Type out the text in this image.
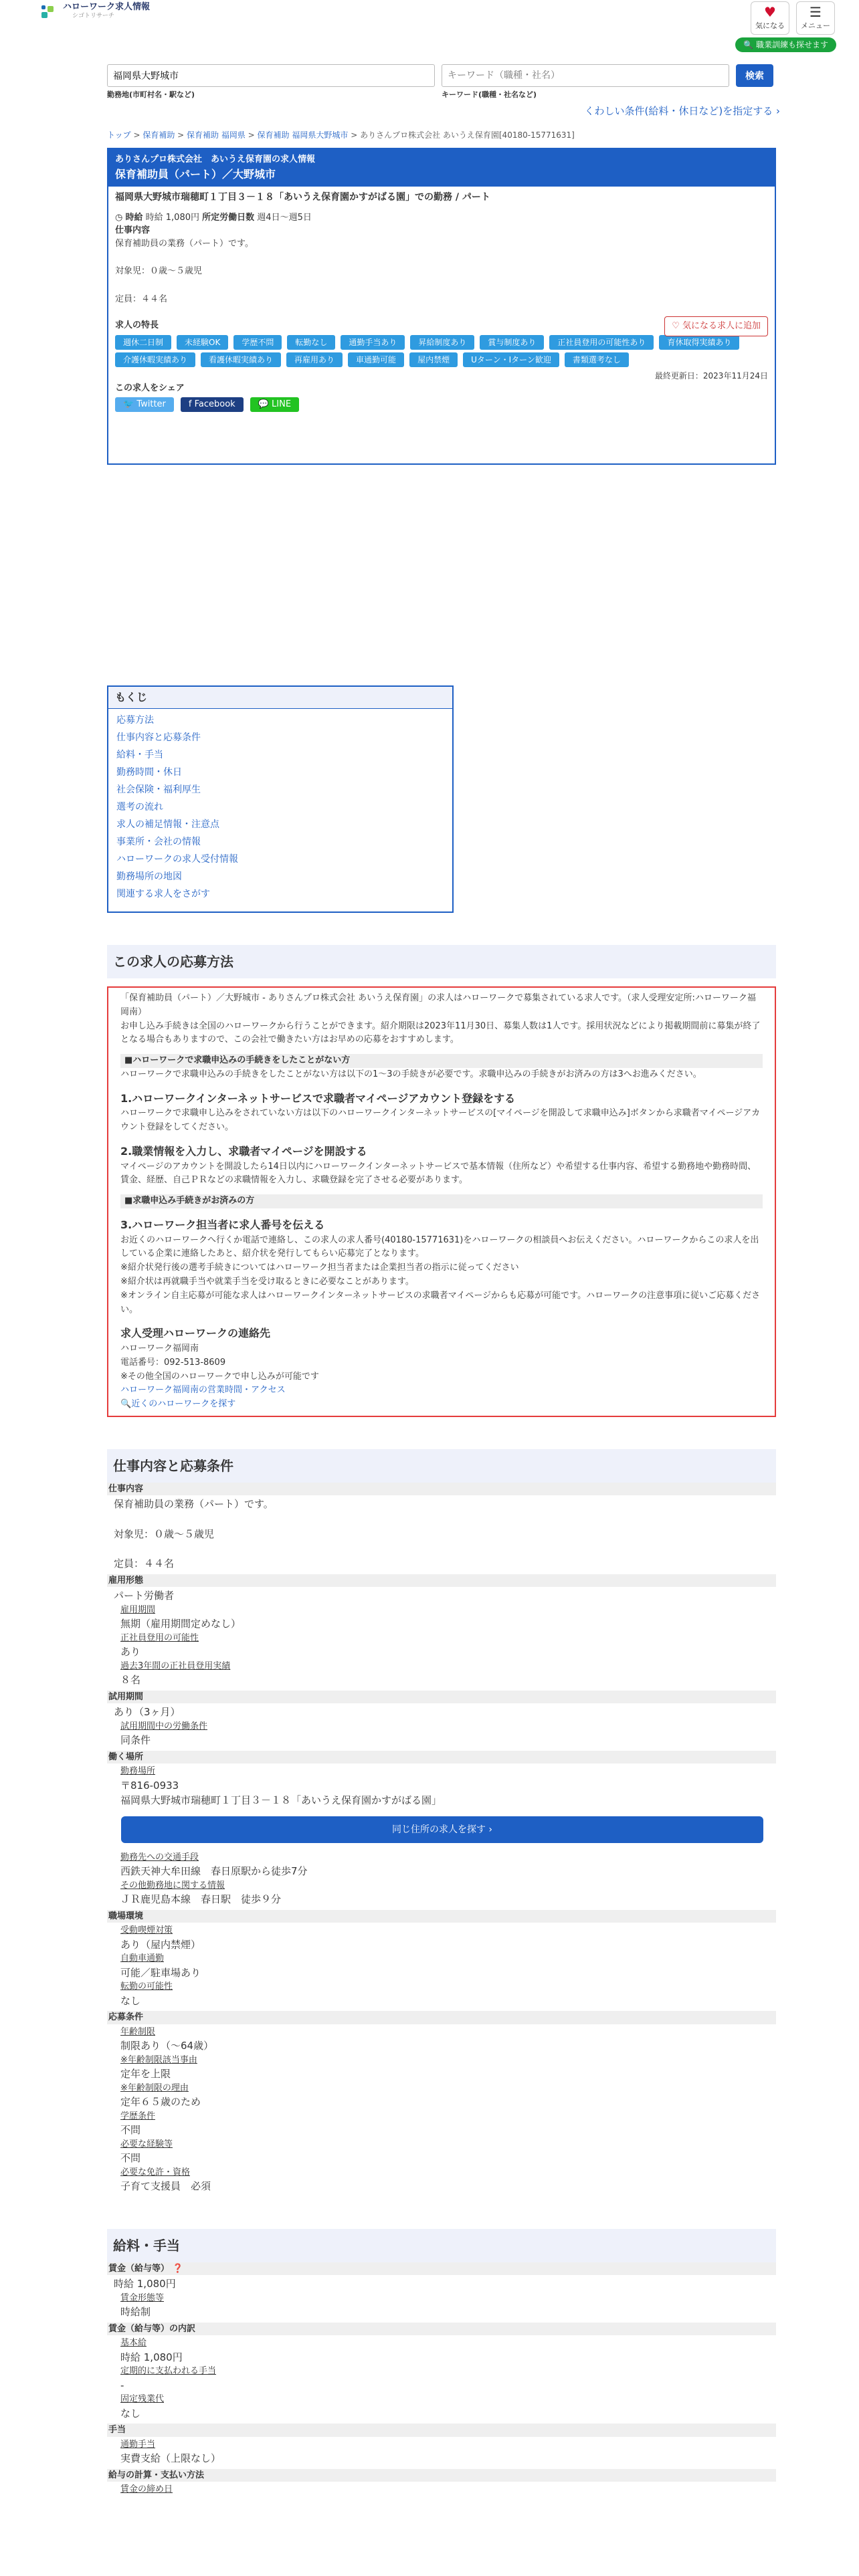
ハローワーク求人情報
シゴトリサーチ	♥
気になる
☰
メニュー
🔍 職業訓練も探せます
福岡県大野城市
キーワード（職種・社名）
検索
勤務地(市町村名・駅など)	キーワード(職種・社名など)
くわしい条件(給料・休日など)を指定する ›
トップ > 保育補助 > 保育補助 福岡県 > 保育補助 福岡県大野城市 > ありさんプロ株式会社 あいうえ保育園[40180-15771631]
ありさんプロ株式会社　あいうえ保育園の求人情報
保育補助員（パート）／大野城市
福岡県大野城市瑞穂町１丁目３－１８「あいうえ保育園かすがばる園」での勤務 / パート
◷ 時給 時給 1,080円 所定労働日数 週4日〜週5日
仕事内容
保育補助員の業務（パート）です。
対象児：０歳〜５歳児
定員：４４名
求人の特長
週休二日制	未経験OK	学歴不問	転勤なし	通勤手当あり	昇給制度あり	賞与制度あり	正社員登用の可能性あり	育休取得実績あり
介護休暇実績あり	看護休暇実績あり	再雇用あり	車通勤可能	屋内禁煙	Uターン・Iターン歓迎	書類選考なし
最終更新日：2023年11月24日
この求人をシェア
🐦 Twitter	f Facebook	💬 LINE
♡ 気になる求人に追加
もくじ
応募方法
仕事内容と応募条件
給料・手当
勤務時間・休日
社会保険・福利厚生
選考の流れ
求人の補足情報・注意点
事業所・会社の情報
ハローワークの求人受付情報
勤務場所の地図
関連する求人をさがす
この求人の応募方法
「保育補助員（パート）／大野城市 - ありさんプロ株式会社 あいうえ保育園」の求人はハローワークで募集されている求人です。（求人受理安定所:ハローワーク福岡南）
お申し込み手続きは全国のハローワークから行うことができます。紹介期限は2023年11月30日、募集人数は1人です。採用状況などにより掲載期間前に募集が終了となる場合もありますので、この会社で働きたい方はお早めの応募をおすすめします。
■ハローワークで求職申込みの手続きをしたことがない方
ハローワークで求職申込みの手続きをしたことがない方は以下の1〜3の手続きが必要です。求職申込みの手続きがお済みの方は3へお進みください。
1.ハローワークインターネットサービスで求職者マイページアカウント登録をする
ハローワークで求職申し込みをされていない方は以下のハローワークインターネットサービスの[マイページを開設して求職申込み]ボタンから求職者マイページアカウント登録をしてください。
2.職業情報を入力し、求職者マイページを開設する
マイページのアカウントを開設したら14日以内にハローワークインターネットサービスで基本情報（住所など）や希望する仕事内容、希望する勤務地や勤務時間、賃金、経歴、自己ＰＲなどの求職情報を入力し、求職登録を完了させる必要があります。
■求職申込み手続きがお済みの方
3.ハローワーク担当者に求人番号を伝える
お近くのハローワークへ行くか電話で連絡し、この求人の求人番号(40180-15771631)をハローワークの相談員へお伝えください。ハローワークからこの求人を出している企業に連絡したあと、紹介状を発行してもらい応募完了となります。
※紹介状発行後の選考手続きについてはハローワーク担当者または企業担当者の指示に従ってください
※紹介状は再就職手当や就業手当を受け取るときに必要なことがあります。
※オンライン自主応募が可能な求人はハローワークインターネットサービスの求職者マイページからも応募が可能です。ハローワークの注意事項に従いご応募ください。
求人受理ハローワークの連絡先
ハローワーク福岡南
電話番号：092-513-8609
※その他全国のハローワークで申し込みが可能です
ハローワーク福岡南の営業時間・アクセス
🔍近くのハローワークを探す
仕事内容と応募条件
仕事内容
保育補助員の業務（パート）です。
対象児：０歳〜５歳児
定員：４４名
雇用形態
パート労働者
雇用期間
無期（雇用期間定めなし）
正社員登用の可能性
あり
過去3年間の正社員登用実績
８名
試用期間
あり（3ヶ月）
試用期間中の労働条件
同条件
働く場所
勤務場所
〒816-0933
福岡県大野城市瑞穂町１丁目３－１８「あいうえ保育園かすがばる園」
同じ住所の求人を探す ›
勤務先への交通手段
西鉄天神大牟田線　春日原駅から徒歩7分
その他勤務地に関する情報
ＪＲ鹿児島本線　春日駅　徒歩９分
職場環境
受動喫煙対策
あり（屋内禁煙）
自動車通勤
可能／駐車場あり
転勤の可能性
なし
応募条件
年齢制限
制限あり（〜64歳）
※年齢制限該当事由
定年を上限
※年齢制限の理由
定年６５歳のため
学歴条件
不問
必要な経験等
不問
必要な免許・資格
子育て支援員　必須
給料・手当
賃金（給与等） ❓
時給 1,080円
賃金形態等
時給制
賃金（給与等）の内訳
基本給
時給 1,080円
定期的に支払われる手当
-
固定残業代
なし
手当
通勤手当
実費支給（上限なし）
給与の計算・支払い方法
賃金の締め日
